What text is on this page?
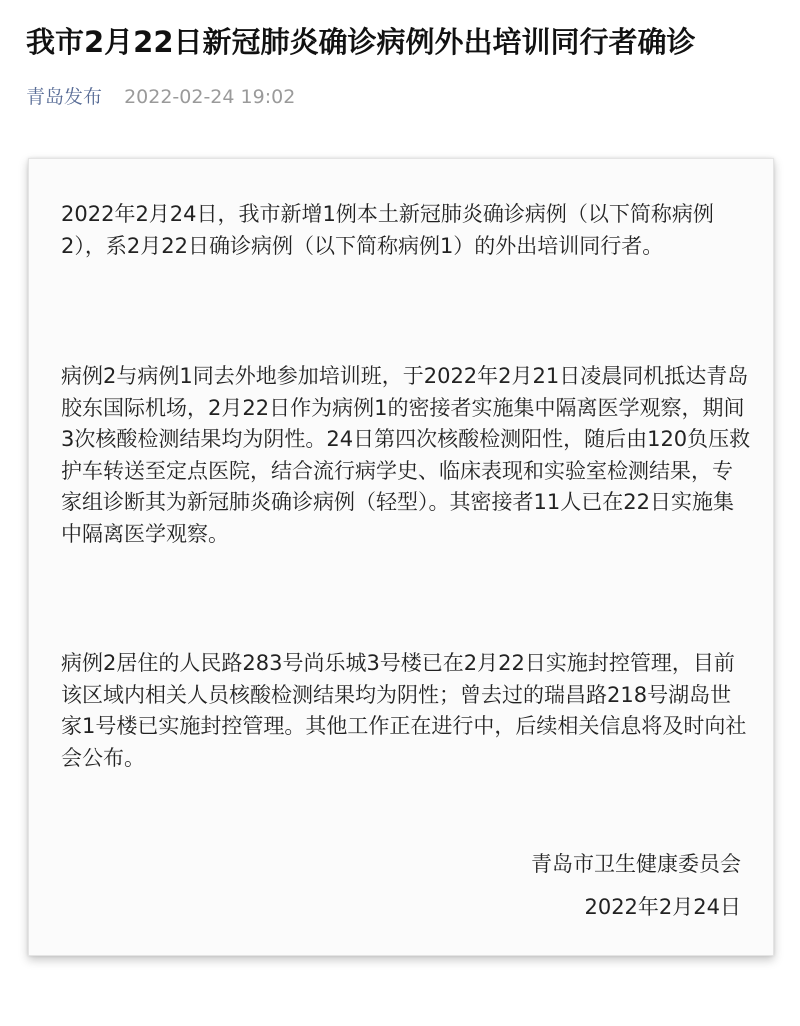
我市2月22日新冠肺炎确诊病例外出培训同行者确诊
青岛发布 2022-02-24 19:02

2022年2月24日，我市新增1例本土新冠肺炎确诊病例（以下简称病例2），系2月22日确诊病例（以下简称病例1）的外出培训同行者。

病例2与病例1同去外地参加培训班，于2022年2月21日凌晨同机抵达青岛胶东国际机场，2月22日作为病例1的密接者实施集中隔离医学观察，期间3次核酸检测结果均为阴性。24日第四次核酸检测阳性，随后由120负压救护车转送至定点医院，结合流行病学史、临床表现和实验室检测结果，专家组诊断其为新冠肺炎确诊病例（轻型）。其密接者11人已在22日实施集中隔离医学观察。

病例2居住的人民路283号尚乐城3号楼已在2月22日实施封控管理，目前该区域内相关人员核酸检测结果均为阴性；曾去过的瑞昌路218号湖岛世家1号楼已实施封控管理。其他工作正在进行中，后续相关信息将及时向社会公布。

青岛市卫生健康委员会

2022年2月24日
